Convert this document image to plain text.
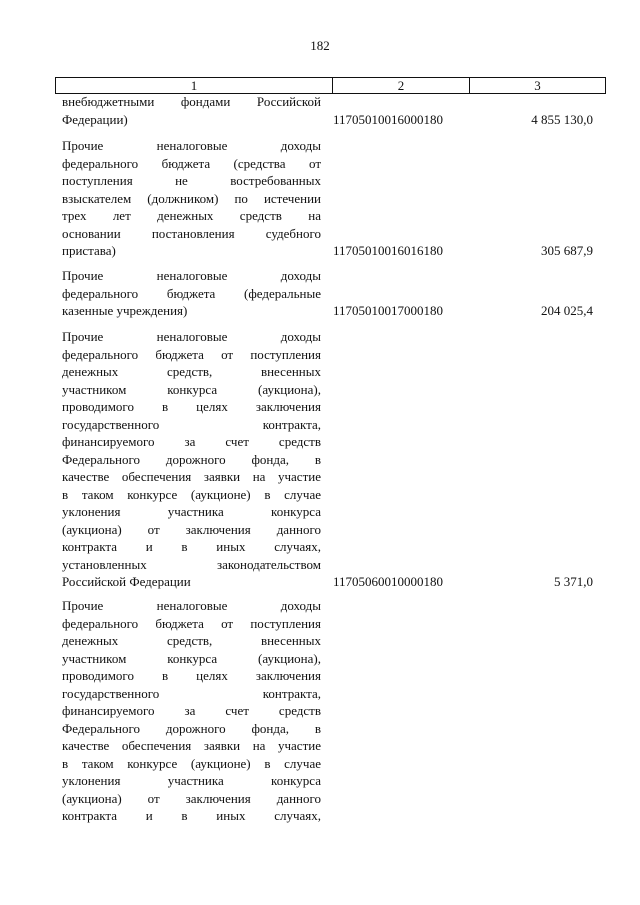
182
1	2	3
внебюджетными фондами Российской
Федерации)	11705010016000180	4 855 130,0
Прочие неналоговые доходы
федерального бюджета (средства от
поступления не востребованных
взыскателем (должником) по истечении
трех лет денежных средств на
основании постановления судебного
пристава)	11705010016016180	305 687,9
Прочие неналоговые доходы
федерального бюджета (федеральные
казенные учреждения)	11705010017000180	204 025,4
Прочие неналоговые доходы
федерального бюджета от поступления
денежных средств, внесенных
участником конкурса (аукциона),
проводимого в целях заключения
государственного контракта,
финансируемого за счет средств
Федерального дорожного фонда, в
качестве обеспечения заявки на участие
в таком конкурсе (аукционе) в случае
уклонения участника конкурса
(аукциона) от заключения данного
контракта и в иных случаях,
установленных законодательством
Российской Федерации	11705060010000180	5 371,0
Прочие неналоговые доходы
федерального бюджета от поступления
денежных средств, внесенных
участником конкурса (аукциона),
проводимого в целях заключения
государственного контракта,
финансируемого за счет средств
Федерального дорожного фонда, в
качестве обеспечения заявки на участие
в таком конкурсе (аукционе) в случае
уклонения участника конкурса
(аукциона) от заключения данного
контракта и в иных случаях,
